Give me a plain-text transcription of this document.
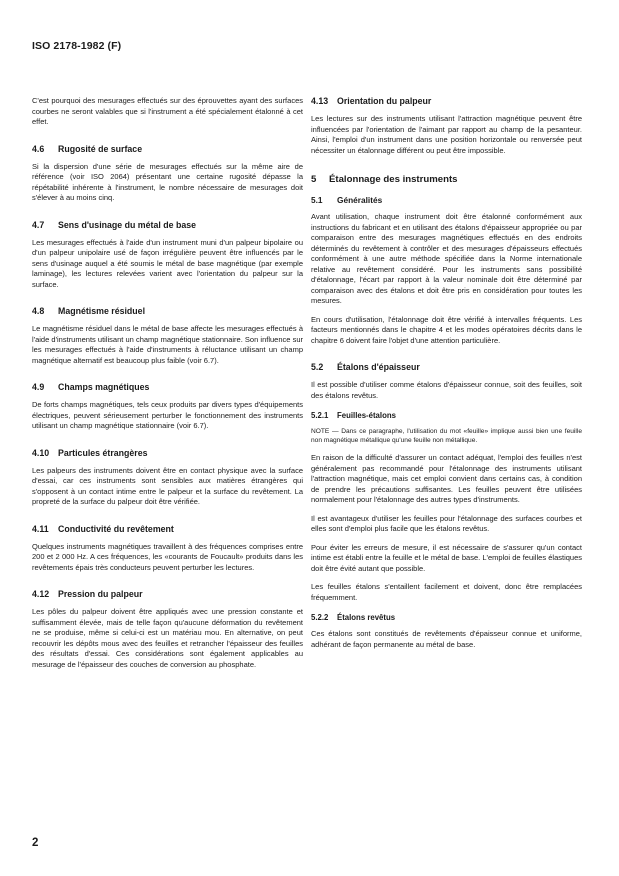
ISO 2178-1982 (F)

C'est pourquoi des mesurages effectués sur des éprouvettes ayant des surfaces courbes ne seront valables que si l'instrument a été spécialement étalonné à cet effet.

4.6 Rugosité de surface

Si la dispersion d'une série de mesurages effectués sur la même aire de référence (voir ISO 2064) présentant une certaine rugosité dépasse la répétabilité inhérente à l'instrument, le nombre nécessaire de mesurages doit s'élever à au moins cinq.

4.7 Sens d'usinage du métal de base

Les mesurages effectués à l'aide d'un instrument muni d'un palpeur bipolaire ou d'un palpeur unipolaire usé de façon irrégulière peuvent être influencés par le sens d'usinage auquel a été soumis le métal de base magnétique (par exemple laminage), les lectures relevées varient avec l'orientation du palpeur sur la surface.

4.8 Magnétisme résiduel

Le magnétisme résiduel dans le métal de base affecte les mesurages effectués à l'aide d'instruments utilisant un champ magnétique stationnaire. Son influence sur les mesurages effectués à l'aide d'instruments à réluctance utilisant un champ magnétique alternatif est beaucoup plus faible (voir 6.7).

4.9 Champs magnétiques

De forts champs magnétiques, tels ceux produits par divers types d'équipements électriques, peuvent sérieusement perturber le fonctionnement des instruments utilisant un champ magnétique stationnaire (voir 6.7).

4.10 Particules étrangères

Les palpeurs des instruments doivent être en contact physique avec la surface d'essai, car ces instruments sont sensibles aux matières étrangères qui s'opposent à un contact intime entre le palpeur et la surface du revêtement. La propreté de la surface du palpeur doit être vérifiée.

4.11 Conductivité du revêtement

Quelques instruments magnétiques travaillent à des fréquences comprises entre 200 et 2 000 Hz. A ces fréquences, les «courants de Foucault» produits dans les revêtements épais très conducteurs peuvent perturber les lectures.

4.12 Pression du palpeur

Les pôles du palpeur doivent être appliqués avec une pression constante et suffisamment élevée, mais de telle façon qu'aucune déformation du revêtement ne se produise, même si celui-ci est un matériau mou. En alternative, on peut recouvrir les dépôts mous avec des feuilles et retrancher l'épaisseur des feuilles des résultats d'essai. Ces considérations sont également applicables au mesurage de l'épaisseur des couches de conversion au phosphate.

4.13 Orientation du palpeur

Les lectures sur des instruments utilisant l'attraction magnétique peuvent être influencées par l'orientation de l'aimant par rapport au champ de la pesanteur. Ainsi, l'emploi d'un instrument dans une position horizontale ou renversée peut nécessiter un étalonnage différent ou peut être impossible.

5 Étalonnage des instruments
5.1 Généralités

Avant utilisation, chaque instrument doit être étalonné conformément aux instructions du fabricant et en utilisant des étalons d'épaisseur appropriée ou par comparaison entre des mesurages magnétiques effectués en des endroits déterminés du revêtement à contrôler et des mesurages d'épaisseurs effectués conformément à une autre méthode spécifiée dans la Norme internationale relative au revêtement considéré. Pour les instruments sans possibilité d'étalonnage, l'écart par rapport à la valeur nominale doit être déterminé par comparaison avec des étalons et doit être pris en considération pour toutes les mesures.

En cours d'utilisation, l'étalonnage doit être vérifié à intervalles fréquents. Les facteurs mentionnés dans le chapitre 4 et les modes opératoires décrits dans le chapitre 6 doivent faire l'objet d'une attention particulière.

5.2 Étalons d'épaisseur

Il est possible d'utiliser comme étalons d'épaisseur connue, soit des feuilles, soit des étalons revêtus.

5.2.1 Feuilles-étalons

NOTE — Dans ce paragraphe, l'utilisation du mot «feuille» implique aussi bien une feuille non magnétique métallique qu'une feuille non métallique.

En raison de la difficulté d'assurer un contact adéquat, l'emploi des feuilles n'est généralement pas recommandé pour l'étalonnage des instruments utilisant l'attraction magnétique, mais cet emploi convient dans certains cas, à condition de prendre les précautions suffisantes. Les feuilles peuvent être utilisées normalement pour l'étalonnage des autres types d'instruments.

Il est avantageux d'utiliser les feuilles pour l'étalonnage des surfaces courbes et elles sont d'emploi plus facile que les étalons revêtus.

Pour éviter les erreurs de mesure, il est nécessaire de s'assurer qu'un contact intime est établi entre la feuille et le métal de base. L'emploi de feuilles élastiques doit être évité autant que possible.

Les feuilles étalons s'entaillent facilement et doivent, donc être remplacées fréquemment.

5.2.2 Étalons revêtus

Ces étalons sont constitués de revêtements d'épaisseur connue et uniforme, adhérant de façon permanente au métal de base.

2
